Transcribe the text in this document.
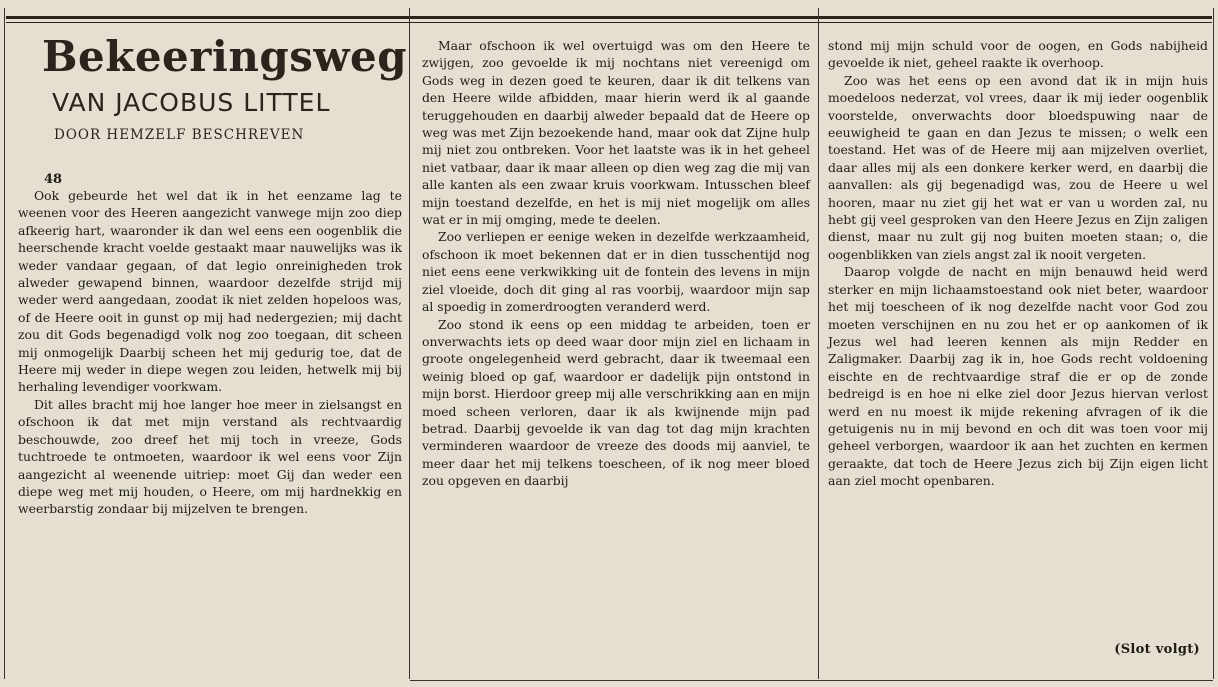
Bekeeringsweg
VAN JACOBUS LITTEL
DOOR HEMZELF BESCHREVEN
48

Ook gebeurde het wel dat ik in het eenzame lag te weenen voor des Heeren aangezicht vanwege mijn zoo diep afkeerig hart, waaronder ik dan wel eens een oogenblik die heerschende kracht voelde gestaakt maar nauwelijks was ik weder vandaar gegaan, of dat legio onreinigheden trok alweder gewapend binnen, waardoor dezelfde strijd mij weder werd aangedaan, zoodat ik niet zelden hopeloos was, of de Heere ooit in gunst op mij had nedergezien; mij dacht zou dit Gods begenadigd volk nog zoo toegaan, dit scheen mij onmogelijk Daarbij scheen het mij gedurig toe, dat de Heere mij weder in diepe wegen zou leiden, hetwelk mij bij herhaling levendiger voorkwam.

Dit alles bracht mij hoe langer hoe meer in zielsangst en ofschoon ik dat met mijn verstand als rechtvaardig beschouwde, zoo dreef het mij toch in vreeze, Gods tuchtroede te ontmoeten, waardoor ik wel eens voor Zijn aangezicht al weenende uitriep: moet Gij dan weder een diepe weg met mij houden, o Heere, om mij hardnekkig en weerbarstig zondaar bij mijzelven te brengen.

Maar ofschoon ik wel overtuigd was om den Heere te zwijgen, zoo gevoelde ik mij nochtans niet vereenigd om Gods weg in dezen goed te keuren, daar ik dit telkens van den Heere wilde afbidden, maar hierin werd ik al gaande teruggehouden en daarbij alweder bepaald dat de Heere op weg was met Zijn bezoekende hand, maar ook dat Zijne hulp mij niet zou ontbreken. Voor het laatste was ik in het geheel niet vatbaar, daar ik maar alleen op dien weg zag die mij van alle kanten als een zwaar kruis voorkwam. Intusschen bleef mijn toestand dezelfde, en het is mij niet mogelijk om alles wat er in mij omging, mede te deelen.

Zoo verliepen er eenige weken in dezelfde werkzaamheid, ofschoon ik moet bekennen dat er in dien tusschentijd nog niet eens eene verkwikking uit de fontein des levens in mijn ziel vloeide, doch dit ging al ras voorbij, waardoor mijn sap al spoedig in zomerdroogten veranderd werd.

Zoo stond ik eens op een middag te arbeiden, toen er onverwachts iets op deed waar door mijn ziel en lichaam in groote ongelegenheid werd gebracht, daar ik tweemaal een weinig bloed op gaf, waardoor er dadelijk pijn ontstond in mijn borst. Hierdoor greep mij alle verschrikking aan en mijn moed scheen verloren, daar ik als kwijnende mijn pad betrad. Daarbij gevoelde ik van dag tot dag mijn krachten verminderen waardoor de vreeze des doods mij aanviel, te meer daar het mij telkens toescheen, of ik nog meer bloed zou opgeven en daarbij

stond mij mijn schuld voor de oogen, en Gods nabijheid gevoelde ik niet, geheel raakte ik overhoop.

Zoo was het eens op een avond dat ik in mijn huis moedeloos nederzat, vol vrees, daar ik mij ieder oogenblik voorstelde, onverwachts door bloedspuwing naar de eeuwigheid te gaan en dan Jezus te missen; o welk een toestand. Het was of de Heere mij aan mijzelven overliet, daar alles mij als een donkere kerker werd, en daarbij die aanvallen: als gij begenadigd was, zou de Heere u wel hooren, maar nu ziet gij het wat er van u worden zal, nu hebt gij veel gesproken van den Heere Jezus en Zijn zaligen dienst, maar nu zult gij nog buiten moeten staan; o, die oogenblikken van ziels angst zal ik nooit vergeten.

Daarop volgde de nacht en mijn benauwd heid werd sterker en mijn lichaamstoestand ook niet beter, waardoor het mij toescheen of ik nog dezelfde nacht voor God zou moeten verschijnen en nu zou het er op aankomen of ik Jezus wel had leeren kennen als mijn Redder en Zaligmaker. Daarbij zag ik in, hoe Gods recht voldoening eischte en de rechtvaardige straf die er op de zonde bedreigd is en hoe ni elke ziel door Jezus hiervan verlost werd en nu moest ik mijde rekening afvragen of ik die getuigenis nu in mij bevond en och dit was toen voor mij geheel verborgen, waardoor ik aan het zuchten en kermen geraakte, dat toch de Heere Jezus zich bij Zijn eigen licht aan ziel mocht openbaren.

(Slot volgt)
